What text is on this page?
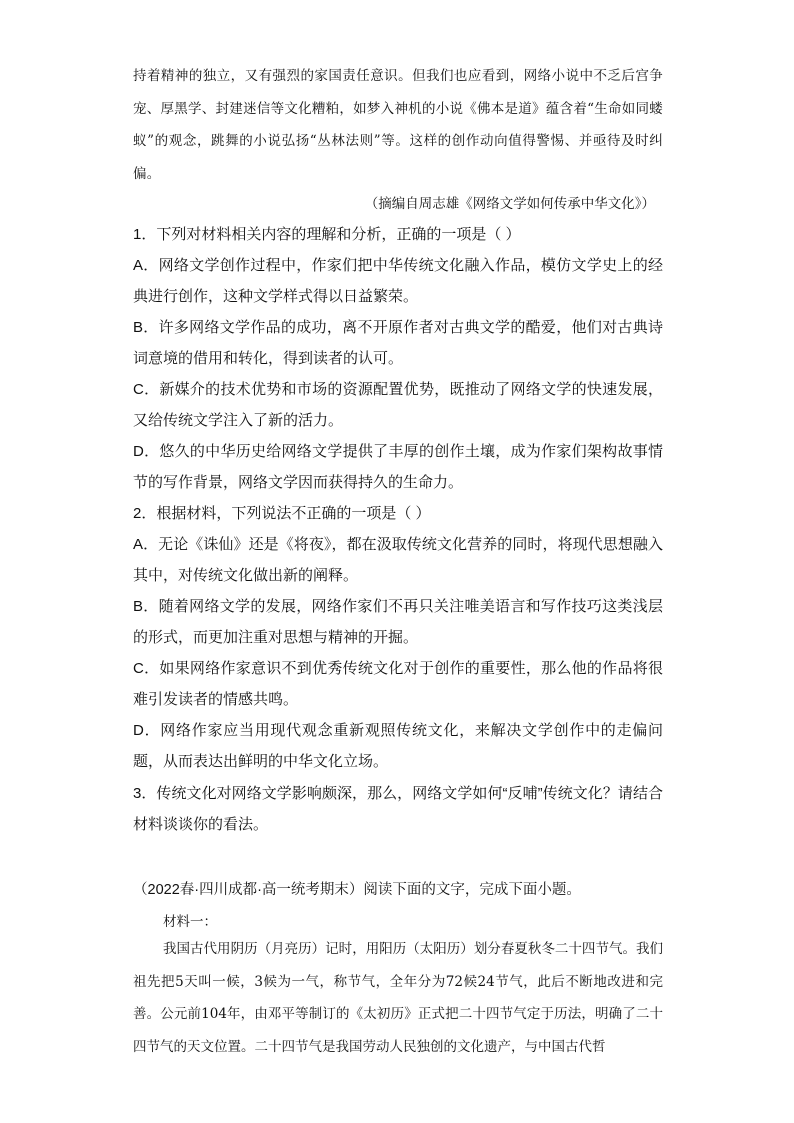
持着精神的独立，又有强烈的家国责任意识。但我们也应看到，网络小说中不乏后宫争宠、厚黑学、封建迷信等文化糟粕，如梦入神机的小说《佛本是道》蕴含着“生命如同蝼蚁”的观念，跳舞的小说弘扬“丛林法则”等。这样的创作动向值得警惕、并亟待及时纠偏。

（摘编自周志雄《网络文学如何传承中华文化》）

1．下列对材料相关内容的理解和分析，正确的一项是（ ）

A．网络文学创作过程中，作家们把中华传统文化融入作品，模仿文学史上的经典进行创作，这种文学样式得以日益繁荣。

B．许多网络文学作品的成功，离不开原作者对古典文学的酷爱，他们对古典诗词意境的借用和转化，得到读者的认可。

C．新媒介的技术优势和市场的资源配置优势，既推动了网络文学的快速发展，又给传统文学注入了新的活力。

D．悠久的中华历史给网络文学提供了丰厚的创作土壤，成为作家们架构故事情节的写作背景，网络文学因而获得持久的生命力。

2．根据材料，下列说法不正确的一项是（ ）

A．无论《诛仙》还是《将夜》，都在汲取传统文化营养的同时，将现代思想融入其中，对传统文化做出新的阐释。

B．随着网络文学的发展，网络作家们不再只关注唯美语言和写作技巧这类浅层的形式，而更加注重对思想与精神的开掘。

C．如果网络作家意识不到优秀传统文化对于创作的重要性，那么他的作品将很难引发读者的情感共鸣。

D．网络作家应当用现代观念重新观照传统文化，来解决文学创作中的走偏问题，从而表达出鲜明的中华文化立场。

3．传统文化对网络文学影响颇深，那么，网络文学如何“反哺”传统文化？请结合材料谈谈你的看法。

（2022春·四川成都·高一统考期末）阅读下面的文字，完成下面小题。
材料一：

我国古代用阴历（月亮历）记时，用阳历（太阳历）划分春夏秋冬二十四节气。我们祖先把5天叫一候，3候为一气，称节气，全年分为72候24节气，此后不断地改进和完善。公元前104年，由邓平等制订的《太初历》正式把二十四节气定于历法，明确了二十四节气的天文位置。二十四节气是我国劳动人民独创的文化遗产，与中国古代哲
